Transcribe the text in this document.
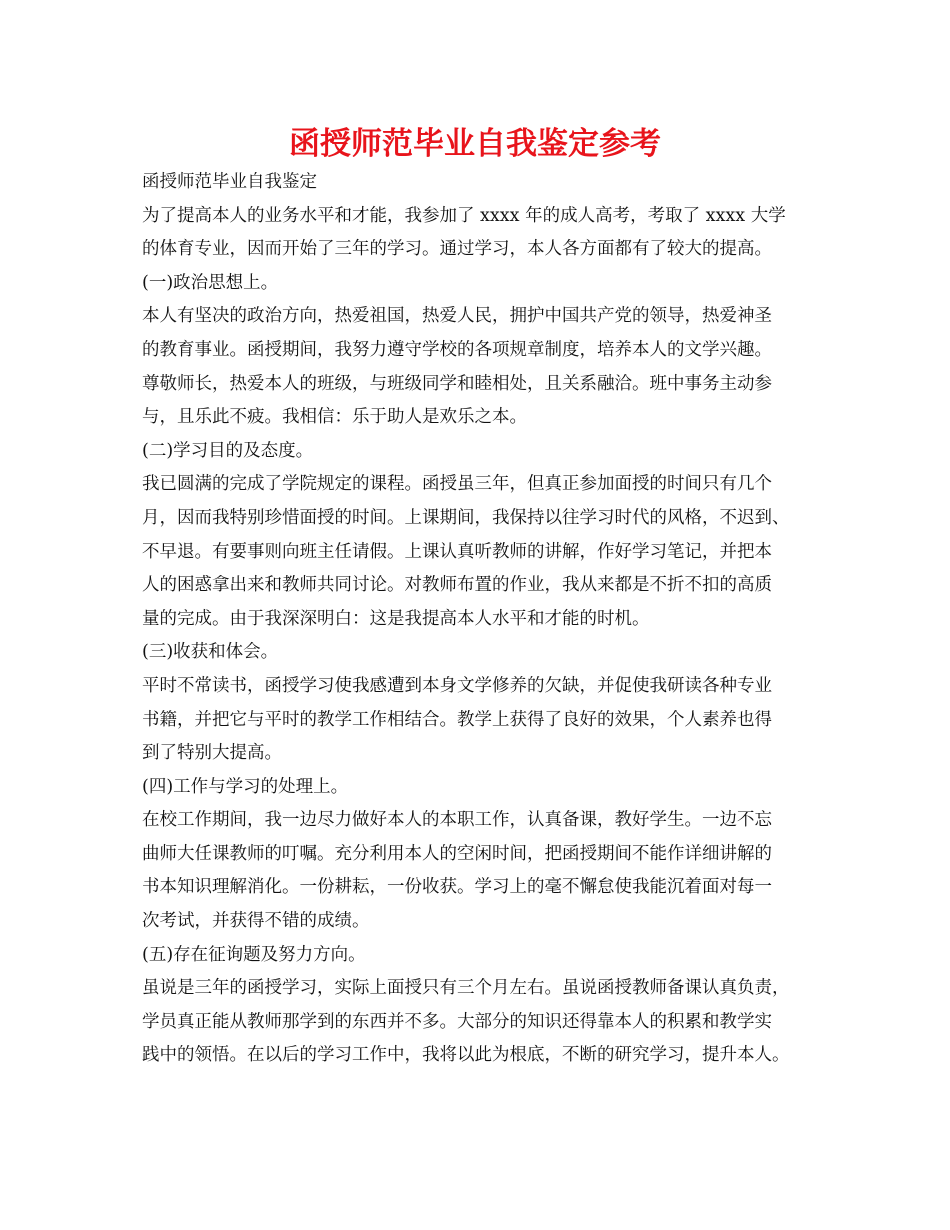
函授师范毕业自我鉴定参考
函授师范毕业自我鉴定
为了提高本人的业务水平和才能，我参加了 xxxx 年的成人高考，考取了 xxxx 大学
的体育专业，因而开始了三年的学习。通过学习，本人各方面都有了较大的提高。
(一)政治思想上。
本人有坚决的政治方向，热爱祖国，热爱人民，拥护中国共产党的领导，热爱神圣
的教育事业。函授期间，我努力遵守学校的各项规章制度，培养本人的文学兴趣。
尊敬师长，热爱本人的班级，与班级同学和睦相处，且关系融洽。班中事务主动参
与，且乐此不疲。我相信：乐于助人是欢乐之本。
(二)学习目的及态度。
我已圆满的完成了学院规定的课程。函授虽三年，但真正参加面授的时间只有几个
月，因而我特别珍惜面授的时间。上课期间，我保持以往学习时代的风格，不迟到、
不早退。有要事则向班主任请假。上课认真听教师的讲解，作好学习笔记，并把本
人的困惑拿出来和教师共同讨论。对教师布置的作业，我从来都是不折不扣的高质
量的完成。由于我深深明白：这是我提高本人水平和才能的时机。
(三)收获和体会。
平时不常读书，函授学习使我感遭到本身文学修养的欠缺，并促使我研读各种专业
书籍，并把它与平时的教学工作相结合。教学上获得了良好的效果，个人素养也得
到了特别大提高。
(四)工作与学习的处理上。
在校工作期间，我一边尽力做好本人的本职工作，认真备课，教好学生。一边不忘
曲师大任课教师的叮嘱。充分利用本人的空闲时间，把函授期间不能作详细讲解的
书本知识理解消化。一份耕耘，一份收获。学习上的毫不懈怠使我能沉着面对每一
次考试，并获得不错的成绩。
(五)存在征询题及努力方向。
虽说是三年的函授学习，实际上面授只有三个月左右。虽说函授教师备课认真负责，
学员真正能从教师那学到的东西并不多。大部分的知识还得靠本人的积累和教学实
践中的领悟。在以后的学习工作中，我将以此为根底，不断的研究学习，提升本人。
